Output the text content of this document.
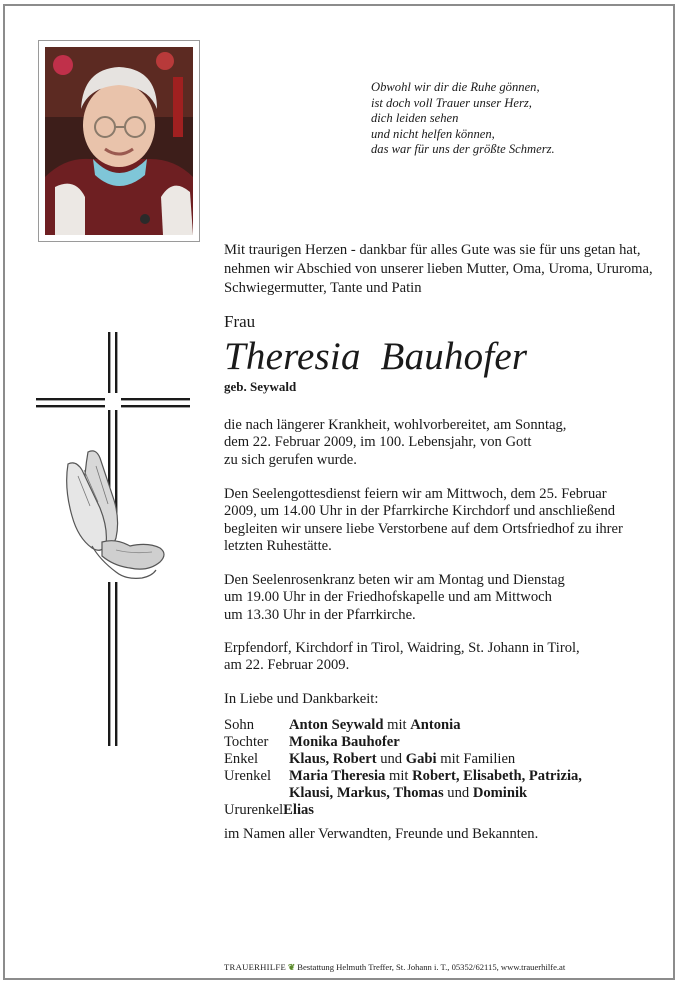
Obwohl wir dir die Ruhe gönnen,
ist doch voll Trauer unser Herz,
dich leiden sehen
und nicht helfen können,
das war für uns der größte Schmerz.
Mit traurigen Herzen - dankbar für alles Gute was sie für uns getan hat, nehmen wir Abschied von unserer lieben Mutter, Oma, Uroma, Ururoma, Schwiegermutter, Tante und Patin
Frau
Theresia  Bauhofer
geb. Seywald
die nach längerer Krankheit, wohlvorbereitet, am Sonntag,
dem 22. Februar 2009, im 100. Lebensjahr, von Gott
zu sich gerufen wurde.
Den Seelengottesdienst feiern wir am Mittwoch, dem 25. Februar
2009, um 14.00 Uhr in der Pfarrkirche Kirchdorf und anschließend
begleiten wir unsere liebe Verstorbene auf dem Ortsfriedhof zu ihrer
letzten Ruhestätte.
Den Seelenrosenkranz beten wir am Montag und Dienstag
um 19.00 Uhr in der Friedhofskapelle und am Mittwoch
um 13.30 Uhr in der Pfarrkirche.
Erpfendorf, Kirchdorf in Tirol, Waidring, St. Johann in Tirol,
am 22. Februar 2009.
In Liebe und Dankbarkeit:
Sohn	Anton Seywald mit Antonia
Tochter	Monika Bauhofer
Enkel	Klaus, Robert und Gabi mit Familien
Urenkel	Maria Theresia mit Robert, Elisabeth, Patrizia,
Klausi, Markus, Thomas und Dominik
Ururenkel Elias
im Namen aller Verwandten, Freunde und Bekannten.
TRAUERHILFE ❦ Bestattung Helmuth Treffer, St. Johann i. T., 05352/62115, www.trauerhilfe.at
